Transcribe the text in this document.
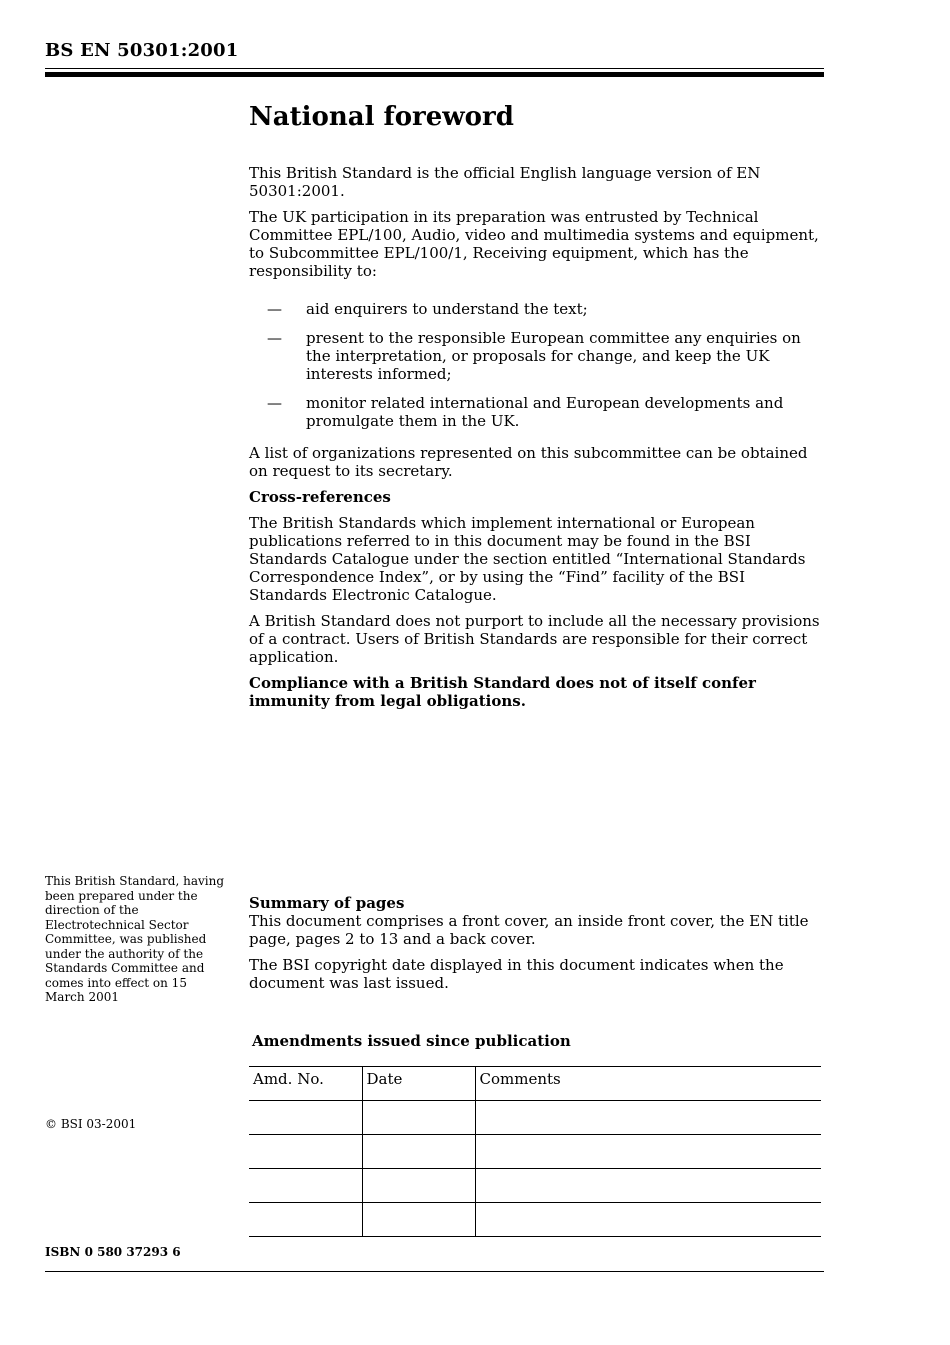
BS EN 50301:2001
National foreword

This British Standard is the official English language version of EN 50301:2001.

The UK participation in its preparation was entrusted by Technical Committee EPL/100, Audio, video and multimedia systems and equipment, to Subcommittee EPL/100/1, Receiving equipment, which has the responsibility to:

— aid enquirers to understand the text;
— present to the responsible European committee any enquiries on the interpretation, or proposals for change, and keep the UK interests informed;
— monitor related international and European developments and promulgate them in the UK.

A list of organizations represented on this subcommittee can be obtained on request to its secretary.

Cross-references

The British Standards which implement international or European publications referred to in this document may be found in the BSI Standards Catalogue under the section entitled “International Standards Correspondence Index”, or by using the “Find” facility of the BSI Standards Electronic Catalogue.

A British Standard does not purport to include all the necessary provisions of a contract. Users of British Standards are responsible for their correct application.

Compliance with a British Standard does not of itself confer immunity from legal obligations.

This British Standard, having been prepared under the direction of the Electrotechnical Sector Committee, was published under the authority of the Standards Committee and comes into effect on 15 March 2001

Summary of pages

This document comprises a front cover, an inside front cover, the EN title page, pages 2 to 13 and a back cover.

The BSI copyright date displayed in this document indicates when the document was last issued.

Amendments issued since publication
Amd. No.	Date	Comments

© BSI 03-2001
ISBN 0 580 37293 6
